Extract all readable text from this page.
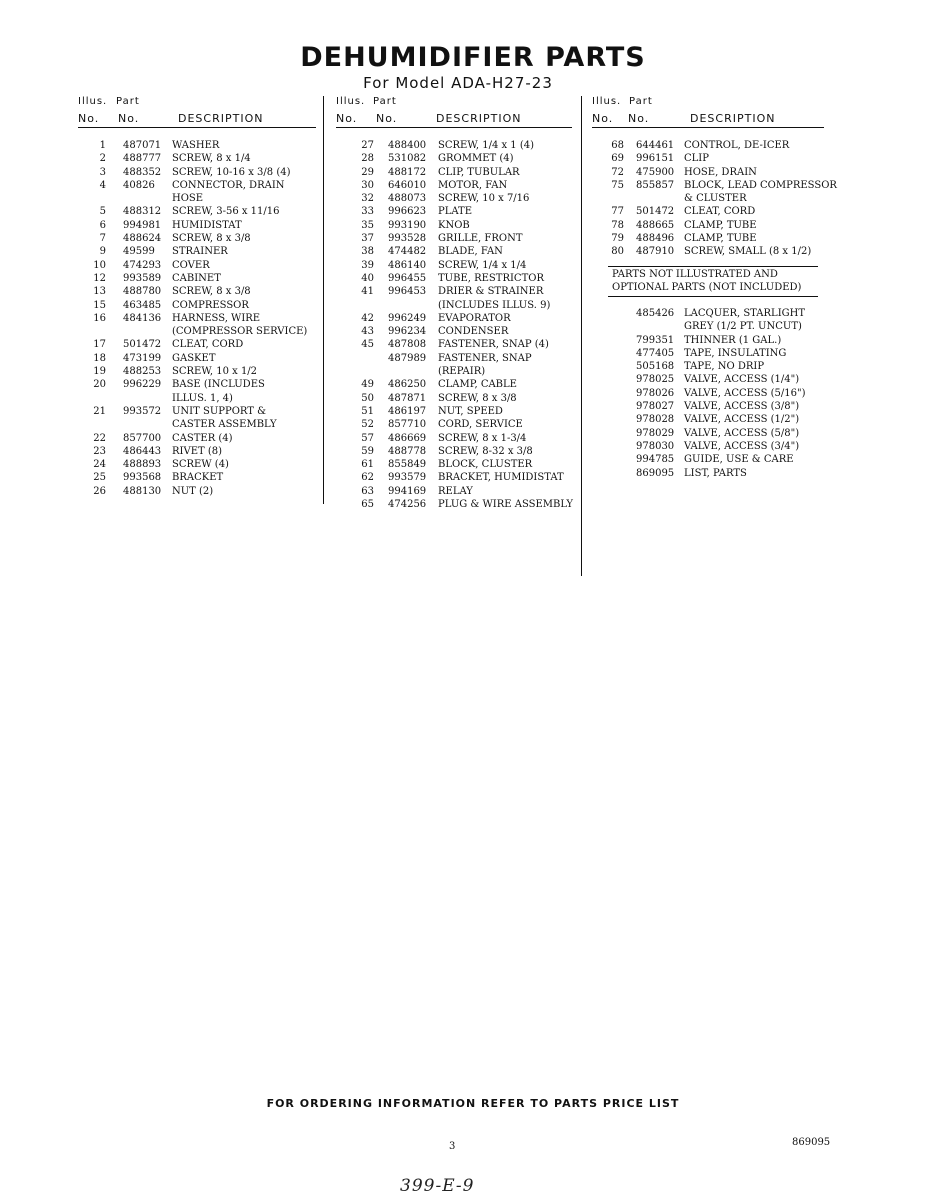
DEHUMIDIFIER PARTS
For Model ADA-H27-23
Illus. Part
No. No.	DESCRIPTION
1 487071 WASHER
2 488777 SCREW, 8 x 1/4
3 488352 SCREW, 10-16 x 3/8 (4)
4 40826 CONNECTOR, DRAIN
HOSE
5 488312 SCREW, 3-56 x 11/16
6 994981 HUMIDISTAT
7 488624 SCREW, 8 x 3/8
9 49599 STRAINER
10 474293 COVER
12 993589 CABINET
13 488780 SCREW, 8 x 3/8
15 463485 COMPRESSOR
16 484136 HARNESS, WIRE
(COMPRESSOR SERVICE)
17 501472 CLEAT, CORD
18 473199 GASKET
19 488253 SCREW, 10 x 1/2
20 996229 BASE (INCLUDES
ILLUS. 1, 4)
21 993572 UNIT SUPPORT &
CASTER ASSEMBLY
22 857700 CASTER (4)
23 486443 RIVET (8)
24 488893 SCREW (4)
25 993568 BRACKET
26 488130 NUT (2)
Illus. Part
No. No.	DESCRIPTION
27 488400 SCREW, 1/4 x 1 (4)
28 531082 GROMMET (4)
29 488172 CLIP, TUBULAR
30 646010 MOTOR, FAN
32 488073 SCREW, 10 x 7/16
33 996623 PLATE
35 993190 KNOB
37 993528 GRILLE, FRONT
38 474482 BLADE, FAN
39 486140 SCREW, 1/4 x 1/4
40 996455 TUBE, RESTRICTOR
41 996453 DRIER & STRAINER
(INCLUDES ILLUS. 9)
42 996249 EVAPORATOR
43 996234 CONDENSER
45 487808 FASTENER, SNAP (4)
487989 FASTENER, SNAP
(REPAIR)
49 486250 CLAMP, CABLE
50 487871 SCREW, 8 x 3/8
51 486197 NUT, SPEED
52 857710 CORD, SERVICE
57 486669 SCREW, 8 x 1-3/4
59 488778 SCREW, 8-32 x 3/8
61 855849 BLOCK, CLUSTER
62 993579 BRACKET, HUMIDISTAT
63 994169 RELAY
65 474256 PLUG & WIRE ASSEMBLY
Illus. Part
No. No.	DESCRIPTION
68 644461 CONTROL, DE-ICER
69 996151 CLIP
72 475900 HOSE, DRAIN
75 855857 BLOCK, LEAD COMPRESSOR
& CLUSTER
77 501472 CLEAT, CORD
78 488665 CLAMP, TUBE
79 488496 CLAMP, TUBE
80 487910 SCREW, SMALL (8 x 1/2)
PARTS NOT ILLUSTRATED AND
OPTIONAL PARTS (NOT INCLUDED)
485426 LACQUER, STARLIGHT
GREY (1/2 PT. UNCUT)
799351 THINNER (1 GAL.)
477405 TAPE, INSULATING
505168 TAPE, NO DRIP
978025 VALVE, ACCESS (1/4")
978026 VALVE, ACCESS (5/16")
978027 VALVE, ACCESS (3/8")
978028 VALVE, ACCESS (1/2")
978029 VALVE, ACCESS (5/8")
978030 VALVE, ACCESS (3/4")
994785 GUIDE, USE & CARE
869095 LIST, PARTS
FOR ORDERING INFORMATION REFER TO PARTS PRICE LIST
3	869095
399-E-9
